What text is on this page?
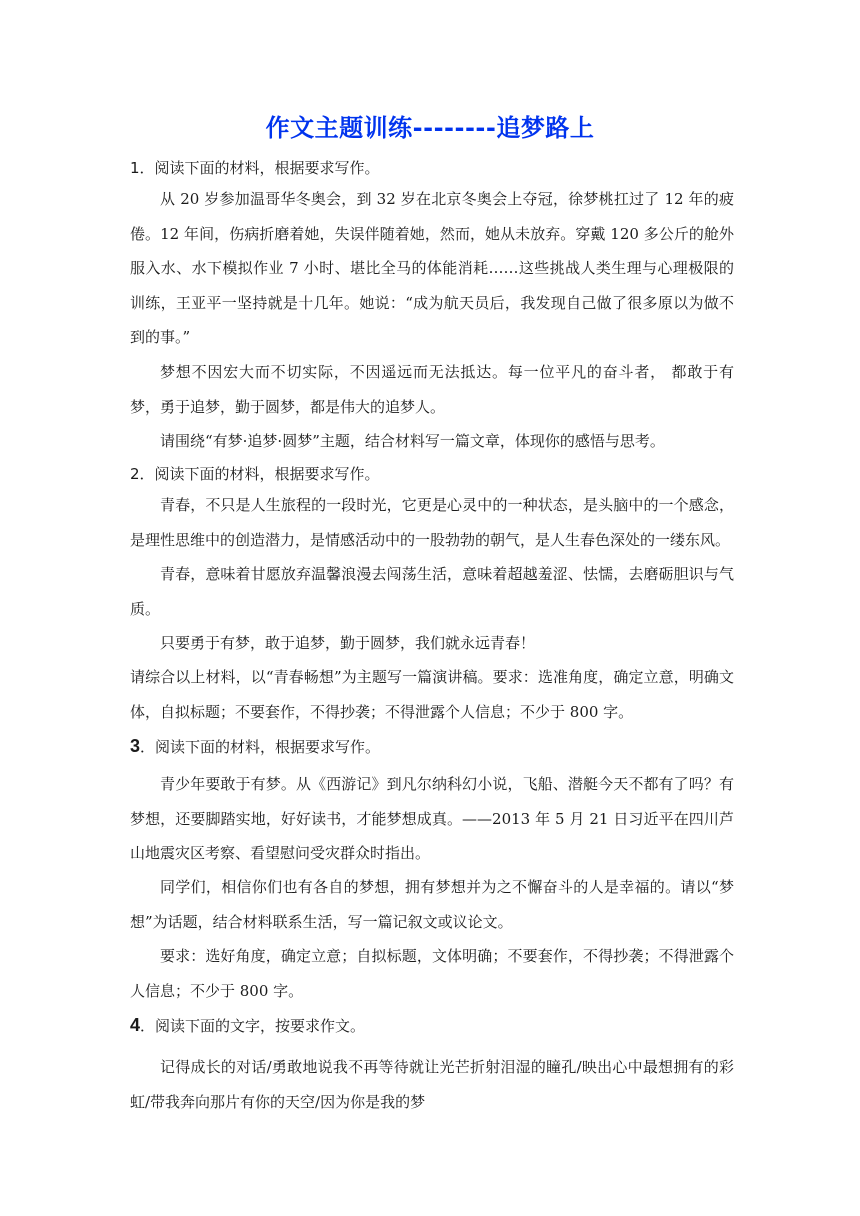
作文主题训练--------追梦路上
1．阅读下面的材料，根据要求写作。
从 20 岁参加温哥华冬奥会，到 32 岁在北京冬奥会上夺冠，徐梦桃扛过了 12 年的疲倦。12 年间，伤病折磨着她，失误伴随着她，然而，她从未放弃。穿戴 120 多公斤的舱外服入水、水下模拟作业 7 小时、堪比全马的体能消耗……这些挑战人类生理与心理极限的训练，王亚平一坚持就是十几年。她说：“成为航天员后，我发现自己做了很多原以为做不到的事。”
梦想不因宏大而不切实际，不因遥远而无法抵达。每一位平凡的奋斗者， 都敢于有梦，勇于追梦，勤于圆梦，都是伟大的追梦人。
请围绕“有梦·追梦·圆梦”主题，结合材料写一篇文章，体现你的感悟与思考。
2．阅读下面的材料，根据要求写作。
青春，不只是人生旅程的一段时光，它更是心灵中的一种状态，是头脑中的一个感念，是理性思维中的创造潜力，是情感活动中的一股勃勃的朝气，是人生春色深处的一缕东风。
青春，意味着甘愿放弃温馨浪漫去闯荡生活，意味着超越羞涩、怯懦，去磨砺胆识与气质。
只要勇于有梦，敢于追梦，勤于圆梦，我们就永远青春！
请综合以上材料，以“青春畅想”为主题写一篇演讲稿。要求：选准角度，确定立意，明确文体，自拟标题；不要套作，不得抄袭；不得泄露个人信息；不少于 800 字。
3．阅读下面的材料，根据要求写作。
青少年要敢于有梦。从《西游记》到凡尔纳科幻小说，飞船、潜艇今天不都有了吗？有梦想，还要脚踏实地，好好读书，才能梦想成真。——2013 年 5 月 21 日习近平在四川芦山地震灾区考察、看望慰问受灾群众时指出。
同学们，相信你们也有各自的梦想，拥有梦想并为之不懈奋斗的人是幸福的。请以“梦想”为话题，结合材料联系生活，写一篇记叙文或议论文。
要求：选好角度，确定立意；自拟标题，文体明确；不要套作，不得抄袭；不得泄露个人信息；不少于 800 字。
4．阅读下面的文字，按要求作文。
记得成长的对话/勇敢地说我不再等待就让光芒折射泪湿的瞳孔/映出心中最想拥有的彩虹/带我奔向那片有你的天空/因为你是我的梦
